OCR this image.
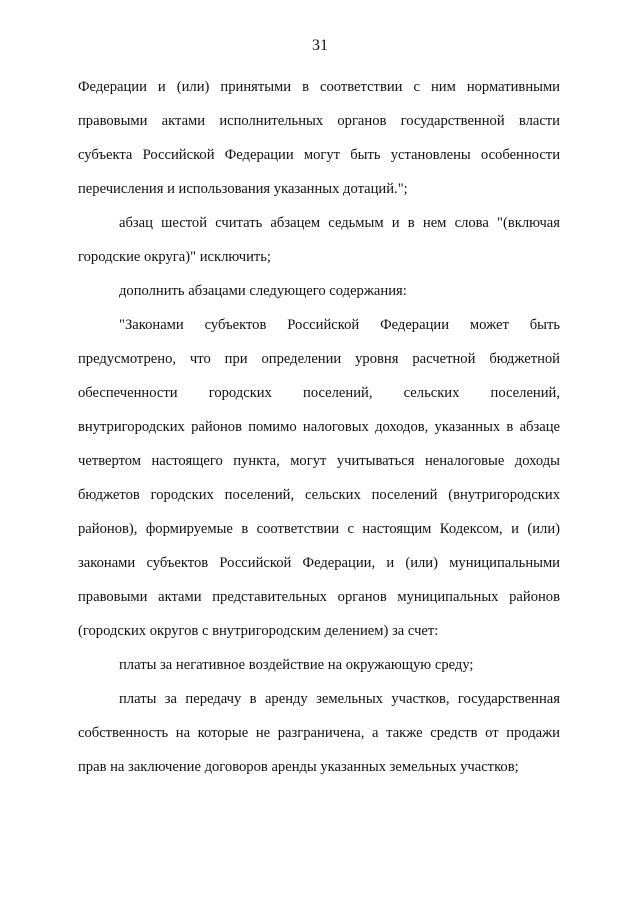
31
Федерации и (или) принятыми в соответствии с ним нормативными
правовыми актами исполнительных органов государственной власти
субъекта Российской Федерации могут быть установлены особенности
перечисления и использования указанных дотаций.";
абзац шестой считать абзацем седьмым и в нем слова "(включая
городские округа)" исключить;
дополнить абзацами следующего содержания:
"Законами субъектов Российской Федерации может быть
предусмотрено, что при определении уровня расчетной бюджетной
обеспеченности городских поселений, сельских поселений,
внутригородских районов помимо налоговых доходов, указанных в абзаце
четвертом настоящего пункта, могут учитываться неналоговые доходы
бюджетов городских поселений, сельских поселений (внутригородских
районов), формируемые в соответствии с настоящим Кодексом, и (или)
законами субъектов Российской Федерации, и (или) муниципальными
правовыми актами представительных органов муниципальных районов
(городских округов с внутригородским делением) за счет:
платы за негативное воздействие на окружающую среду;
платы за передачу в аренду земельных участков, государственная
собственность на которые не разграничена, а также средств от продажи
прав на заключение договоров аренды указанных земельных участков;
